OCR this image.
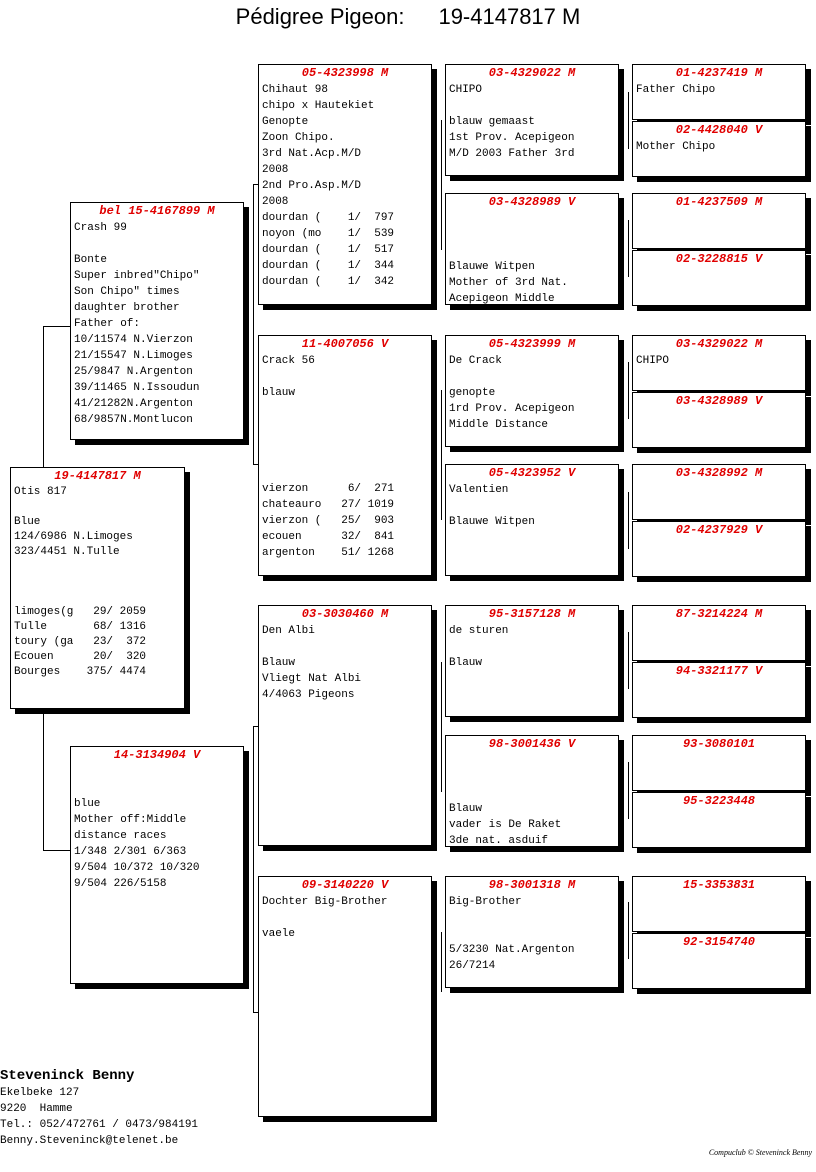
Pédigree Pigeon: 19-4147817 M
19-4147817 M
Otis 817

Blue
124/6986 N.Limoges
323/4451 N.Tulle

limoges(g   29/ 2059
Tulle       68/ 1316
toury (ga   23/  372
Ecouen      20/  320
Bourges    375/ 4474
bel 15-4167899 M
Crash 99

Bonte
Super inbred"Chipo"
Son Chipo" times
daughter brother
Father of:
10/11574 N.Vierzon
21/15547 N.Limoges
25/9847 N.Argenton
39/11465 N.Issoudun
41/21282N.Argenton
68/9857N.Montlucon
14-3134904 V

blue
Mother off:Middle
distance races
1/348 2/301 6/363
9/504 10/372 10/320
9/504 226/5158
05-4323998 M
Chihaut 98
chipo x Hautekiet
Genopte
Zoon Chipo.
3rd Nat.Acp.M/D
2008
2nd Pro.Asp.M/D
2008
dourdan (    1/  797
noyon (mo    1/  539
dourdan (    1/  517
dourdan (    1/  344
dourdan (    1/  342
11-4007056 V
Crack 56

blauw

vierzon      6/  271
chateauro   27/ 1019
vierzon (   25/  903
ecouen      32/  841
argenton    51/ 1268
03-3030460 M
Den Albi

Blauw
Vliegt Nat Albi
4/4063 Pigeons
09-3140220 V
Dochter Big-Brother

vaele
03-4329022 M
CHIPO

blauw gemaast
1st Prov. Acepigeon
M/D 2003 Father 3rd
03-4328989 V

Blauwe Witpen
Mother of 3rd Nat.
Acepigeon Middle
05-4323999 M
De Crack

genopte
1rd Prov. Acepigeon
Middle Distance
05-4323952 V
Valentien

Blauwe Witpen
95-3157128 M
de sturen

Blauw
98-3001436 V

Blauw
vader is De Raket
3de nat. asduif
98-3001318 M
Big-Brother

5/3230 Nat.Argenton
26/7214
01-4237419 M
Father Chipo
02-4428040 V
Mother Chipo
01-4237509 M
02-3228815 V
03-4329022 M
CHIPO
03-4328989 V
03-4328992 M
02-4237929 V
87-3214224 M
94-3321177 V
93-3080101
95-3223448
15-3353831
92-3154740

Steveninck Benny
Ekelbeke 127
9220  Hamme
Tel.: 052/472761 / 0473/984191
Benny.Steveninck@telenet.be
Compuclub © Steveninck Benny
